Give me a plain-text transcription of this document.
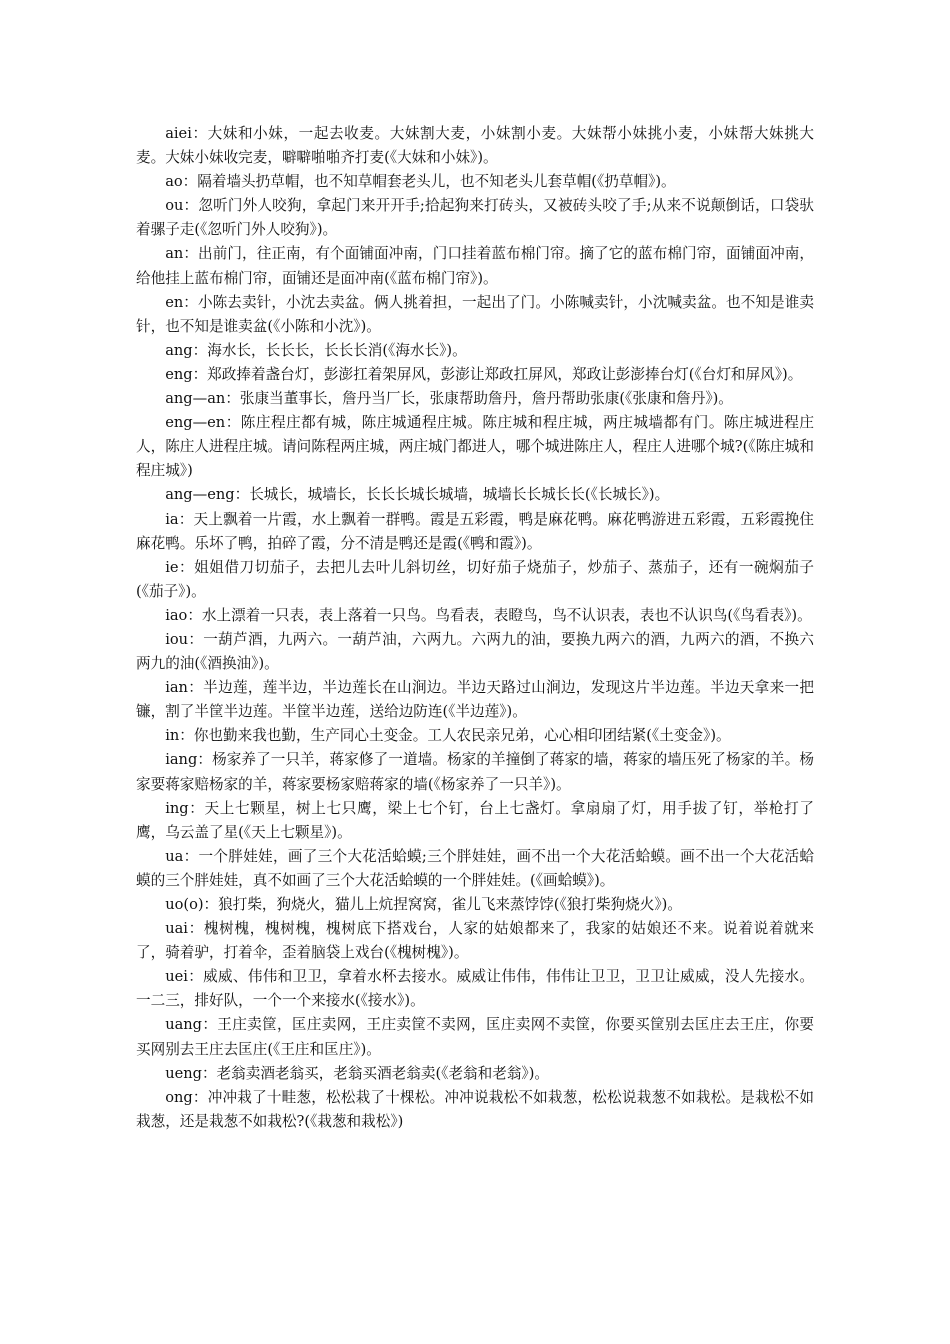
aiei：大妹和小妹，一起去收麦。大妹割大麦，小妹割小麦。大妹帮小妹挑小麦，小妹帮大妹挑大麦。大妹小妹收完麦，噼噼啪啪齐打麦(《大妹和小妹》)。

ao：隔着墙头扔草帽，也不知草帽套老头儿，也不知老头儿套草帽(《扔草帽》)。

ou：忽听门外人咬狗，拿起门来开开手;拾起狗来打砖头，又被砖头咬了手;从来不说颠倒话，口袋驮着骡子走(《忽听门外人咬狗》)。

an：出前门，往正南，有个面铺面冲南，门口挂着蓝布棉门帘。摘了它的蓝布棉门帘，面铺面冲南，给他挂上蓝布棉门帘，面铺还是面冲南(《蓝布棉门帘》)。

en：小陈去卖针，小沈去卖盆。俩人挑着担，一起出了门。小陈喊卖针，小沈喊卖盆。也不知是谁卖针，也不知是谁卖盆(《小陈和小沈》)。

ang：海水长，长长长，长长长消(《海水长》)。

eng：郑政捧着盏台灯，彭澎扛着架屏风，彭澎让郑政扛屏风，郑政让彭澎捧台灯(《台灯和屏风》)。

ang—an：张康当董事长，詹丹当厂长，张康帮助詹丹，詹丹帮助张康(《张康和詹丹》)。

eng—en：陈庄程庄都有城，陈庄城通程庄城。陈庄城和程庄城，两庄城墙都有门。陈庄城进程庄人，陈庄人进程庄城。请问陈程两庄城，两庄城门都进人，哪个城进陈庄人，程庄人进哪个城?(《陈庄城和程庄城》)

ang—eng：长城长，城墙长，长长长城长城墙，城墙长长城长长(《长城长》)。

ia：天上飘着一片霞，水上飘着一群鸭。霞是五彩霞，鸭是麻花鸭。麻花鸭游进五彩霞，五彩霞挽住麻花鸭。乐坏了鸭，拍碎了霞，分不清是鸭还是霞(《鸭和霞》)。

ie：姐姐借刀切茄子，去把儿去叶儿斜切丝，切好茄子烧茄子，炒茄子、蒸茄子，还有一碗焖茄子(《茄子》)。

iao：水上漂着一只表，表上落着一只鸟。鸟看表，表瞪鸟，鸟不认识表，表也不认识鸟(《鸟看表》)。

iou：一葫芦酒，九两六。一葫芦油，六两九。六两九的油，要换九两六的酒，九两六的酒，不换六两九的油(《酒换油》)。

ian：半边莲，莲半边，半边莲长在山涧边。半边天路过山涧边，发现这片半边莲。半边天拿来一把镰，割了半筐半边莲。半筐半边莲，送给边防连(《半边莲》)。

in：你也勤来我也勤，生产同心土变金。工人农民亲兄弟，心心相印团结紧(《土变金》)。

iang：杨家养了一只羊，蒋家修了一道墙。杨家的羊撞倒了蒋家的墙，蒋家的墙压死了杨家的羊。杨家要蒋家赔杨家的羊，蒋家要杨家赔蒋家的墙(《杨家养了一只羊》)。

ing：天上七颗星，树上七只鹰，梁上七个钉，台上七盏灯。拿扇扇了灯，用手拔了钉，举枪打了鹰，乌云盖了星(《天上七颗星》)。

ua：一个胖娃娃，画了三个大花活蛤蟆;三个胖娃娃，画不出一个大花活蛤蟆。画不出一个大花活蛤蟆的三个胖娃娃，真不如画了三个大花活蛤蟆的一个胖娃娃。(《画蛤蟆》)。

uo(o)：狼打柴，狗烧火，猫儿上炕捏窝窝，雀儿飞来蒸饽饽(《狼打柴狗烧火》)。

uai：槐树槐，槐树槐，槐树底下搭戏台，人家的姑娘都来了，我家的姑娘还不来。说着说着就来了，骑着驴，打着伞，歪着脑袋上戏台(《槐树槐》)。

uei：威威、伟伟和卫卫，拿着水杯去接水。威威让伟伟，伟伟让卫卫，卫卫让威威，没人先接水。一二三，排好队，一个一个来接水(《接水》)。

uang：王庄卖筐，匡庄卖网，王庄卖筐不卖网，匡庄卖网不卖筐，你要买筐别去匡庄去王庄，你要买网别去王庄去匡庄(《王庄和匡庄》)。

ueng：老翁卖酒老翁买，老翁买酒老翁卖(《老翁和老翁》)。

ong：冲冲栽了十畦葱，松松栽了十棵松。冲冲说栽松不如栽葱，松松说栽葱不如栽松。是栽松不如栽葱，还是栽葱不如栽松?(《栽葱和栽松》)
